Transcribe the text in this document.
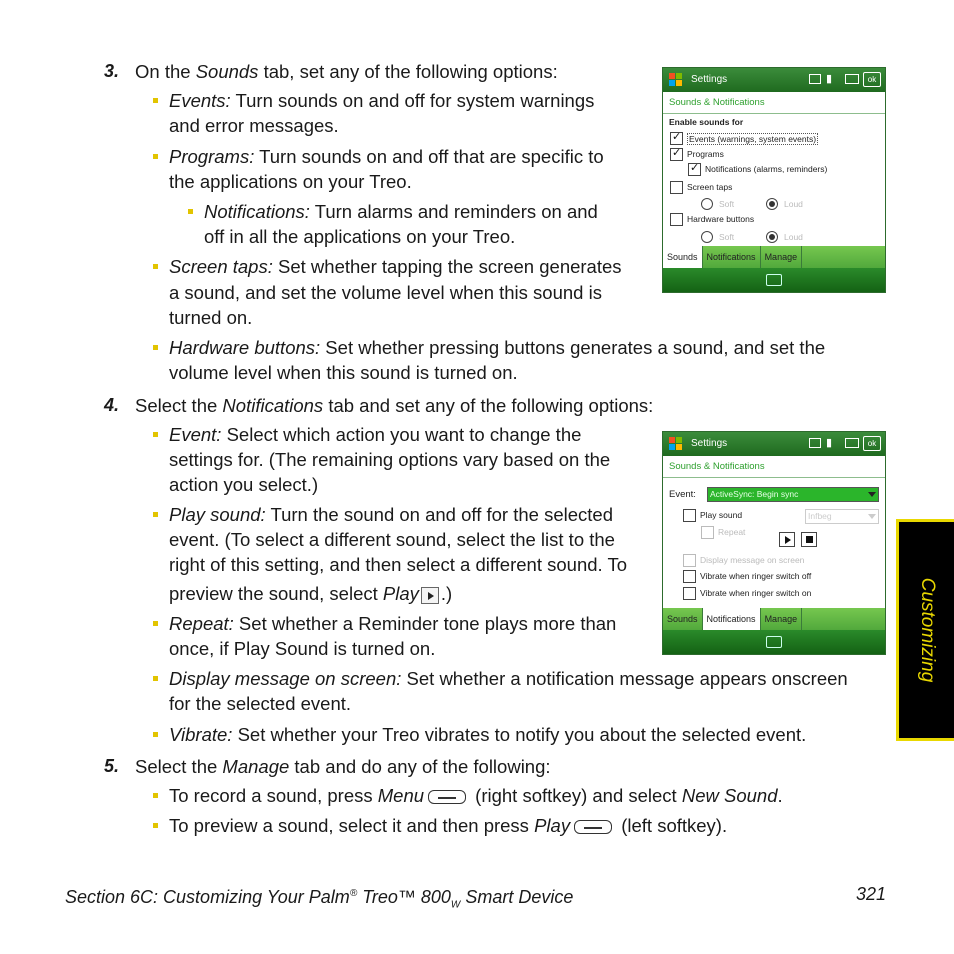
3. On the Sounds tab, set any of the following options:
Events: Turn sounds on and off for system warnings
and error messages.
Programs: Turn sounds on and off that are specific to
the applications on your Treo.
Notifications: Turn alarms and reminders on and
off in all the applications on your Treo.
Screen taps: Set whether tapping the screen generates
a sound, and set the volume level when this sound is
turned on.
Hardware buttons: Set whether pressing buttons generates a sound, and set the
volume level when this sound is turned on.
4. Select the Notifications tab and set any of the following options:
Event: Select which action you want to change the
settings for. (The remaining options vary based on the
action you select.)
Play sound: Turn the sound on and off for the selected
event. (To select a different sound, select the list to the
right of this setting, and then select a different sound. To
preview the sound, select Play .)
Repeat: Set whether a Reminder tone plays more than
once, if Play Sound is turned on.
Display message on screen: Set whether a notification message appears onscreen
for the selected event.
Vibrate: Set whether your Treo vibrates to notify you about the selected event.
5. Select the Manage tab and do any of the following:
To record a sound, press Menu (right softkey) and select New Sound.
To preview a sound, select it and then press Play (left softkey).
Customizing
Section 6C: Customizing Your Palm® Treo™ $800_W$ Smart Device	321
Settings	▮	ok
Sounds & Notifications
Enable sounds for
✓
Events (warnings, system events)
✓
Programs
✓
Notifications (alarms, reminders)
Screen taps
Soft	Loud
Hardware buttons
Soft	Loud
Sounds	Notifications	Manage
Settings	▮	ok
Sounds & Notifications
Event: ActiveSync: Begin sync
Play sound	Infbeg
Repeat
Display message on screen
Vibrate when ringer switch off
Vibrate when ringer switch on
Sounds	Notifications	Manage
